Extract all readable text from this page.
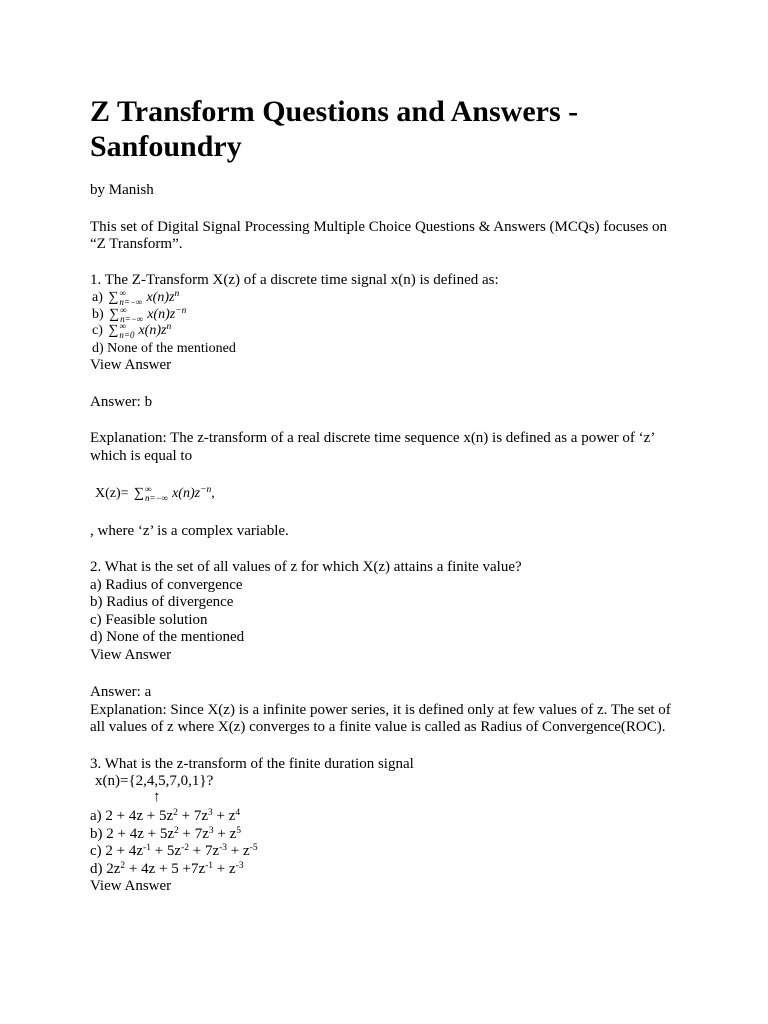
Z Transform Questions and Answers -
Sanfoundry
by Manish
This set of Digital Signal Processing Multiple Choice Questions & Answers (MCQs) focuses on
“Z Transform”.
1. The Z-Transform X(z) of a discrete time signal x(n) is defined as:
a) ∑ ∞
n=−∞ $x(n)z^n$
b) ∑ ∞
n=−∞ $x(n)z^{-n}$
c) ∑ ∞
n=0 $x(n)z^n$
d) None of the mentioned
View Answer
Answer: b
Explanation: The z-transform of a real discrete time sequence x(n) is defined as a power of ‘z’
which is equal to
X(z)= ∑ ∞
n=−∞ $x(n)z^{-n}$,
, where ‘z’ is a complex variable.
2. What is the set of all values of z for which X(z) attains a finite value?
a) Radius of convergence
b) Radius of divergence
c) Feasible solution
d) None of the mentioned
View Answer
Answer: a
Explanation: Since X(z) is a infinite power series, it is defined only at few values of z. The set of
all values of z where X(z) converges to a finite value is called as Radius of Convergence(ROC).
3. What is the z-transform of the finite duration signal
x(n)={2,4,5,7,0,1}?
↑
a) $2 + 4z + 5z^2 + 7z^3 + z^4$
b) $2 + 4z + 5z^2 + 7z^3 + z^5$
c) $2 + 4z^{-1} + 5z^{-2} + 7z^{-3} + z^{-5}$
d) $2z^2 + 4z + 5 +7z^{-1} + z^{-3}$
View Answer
